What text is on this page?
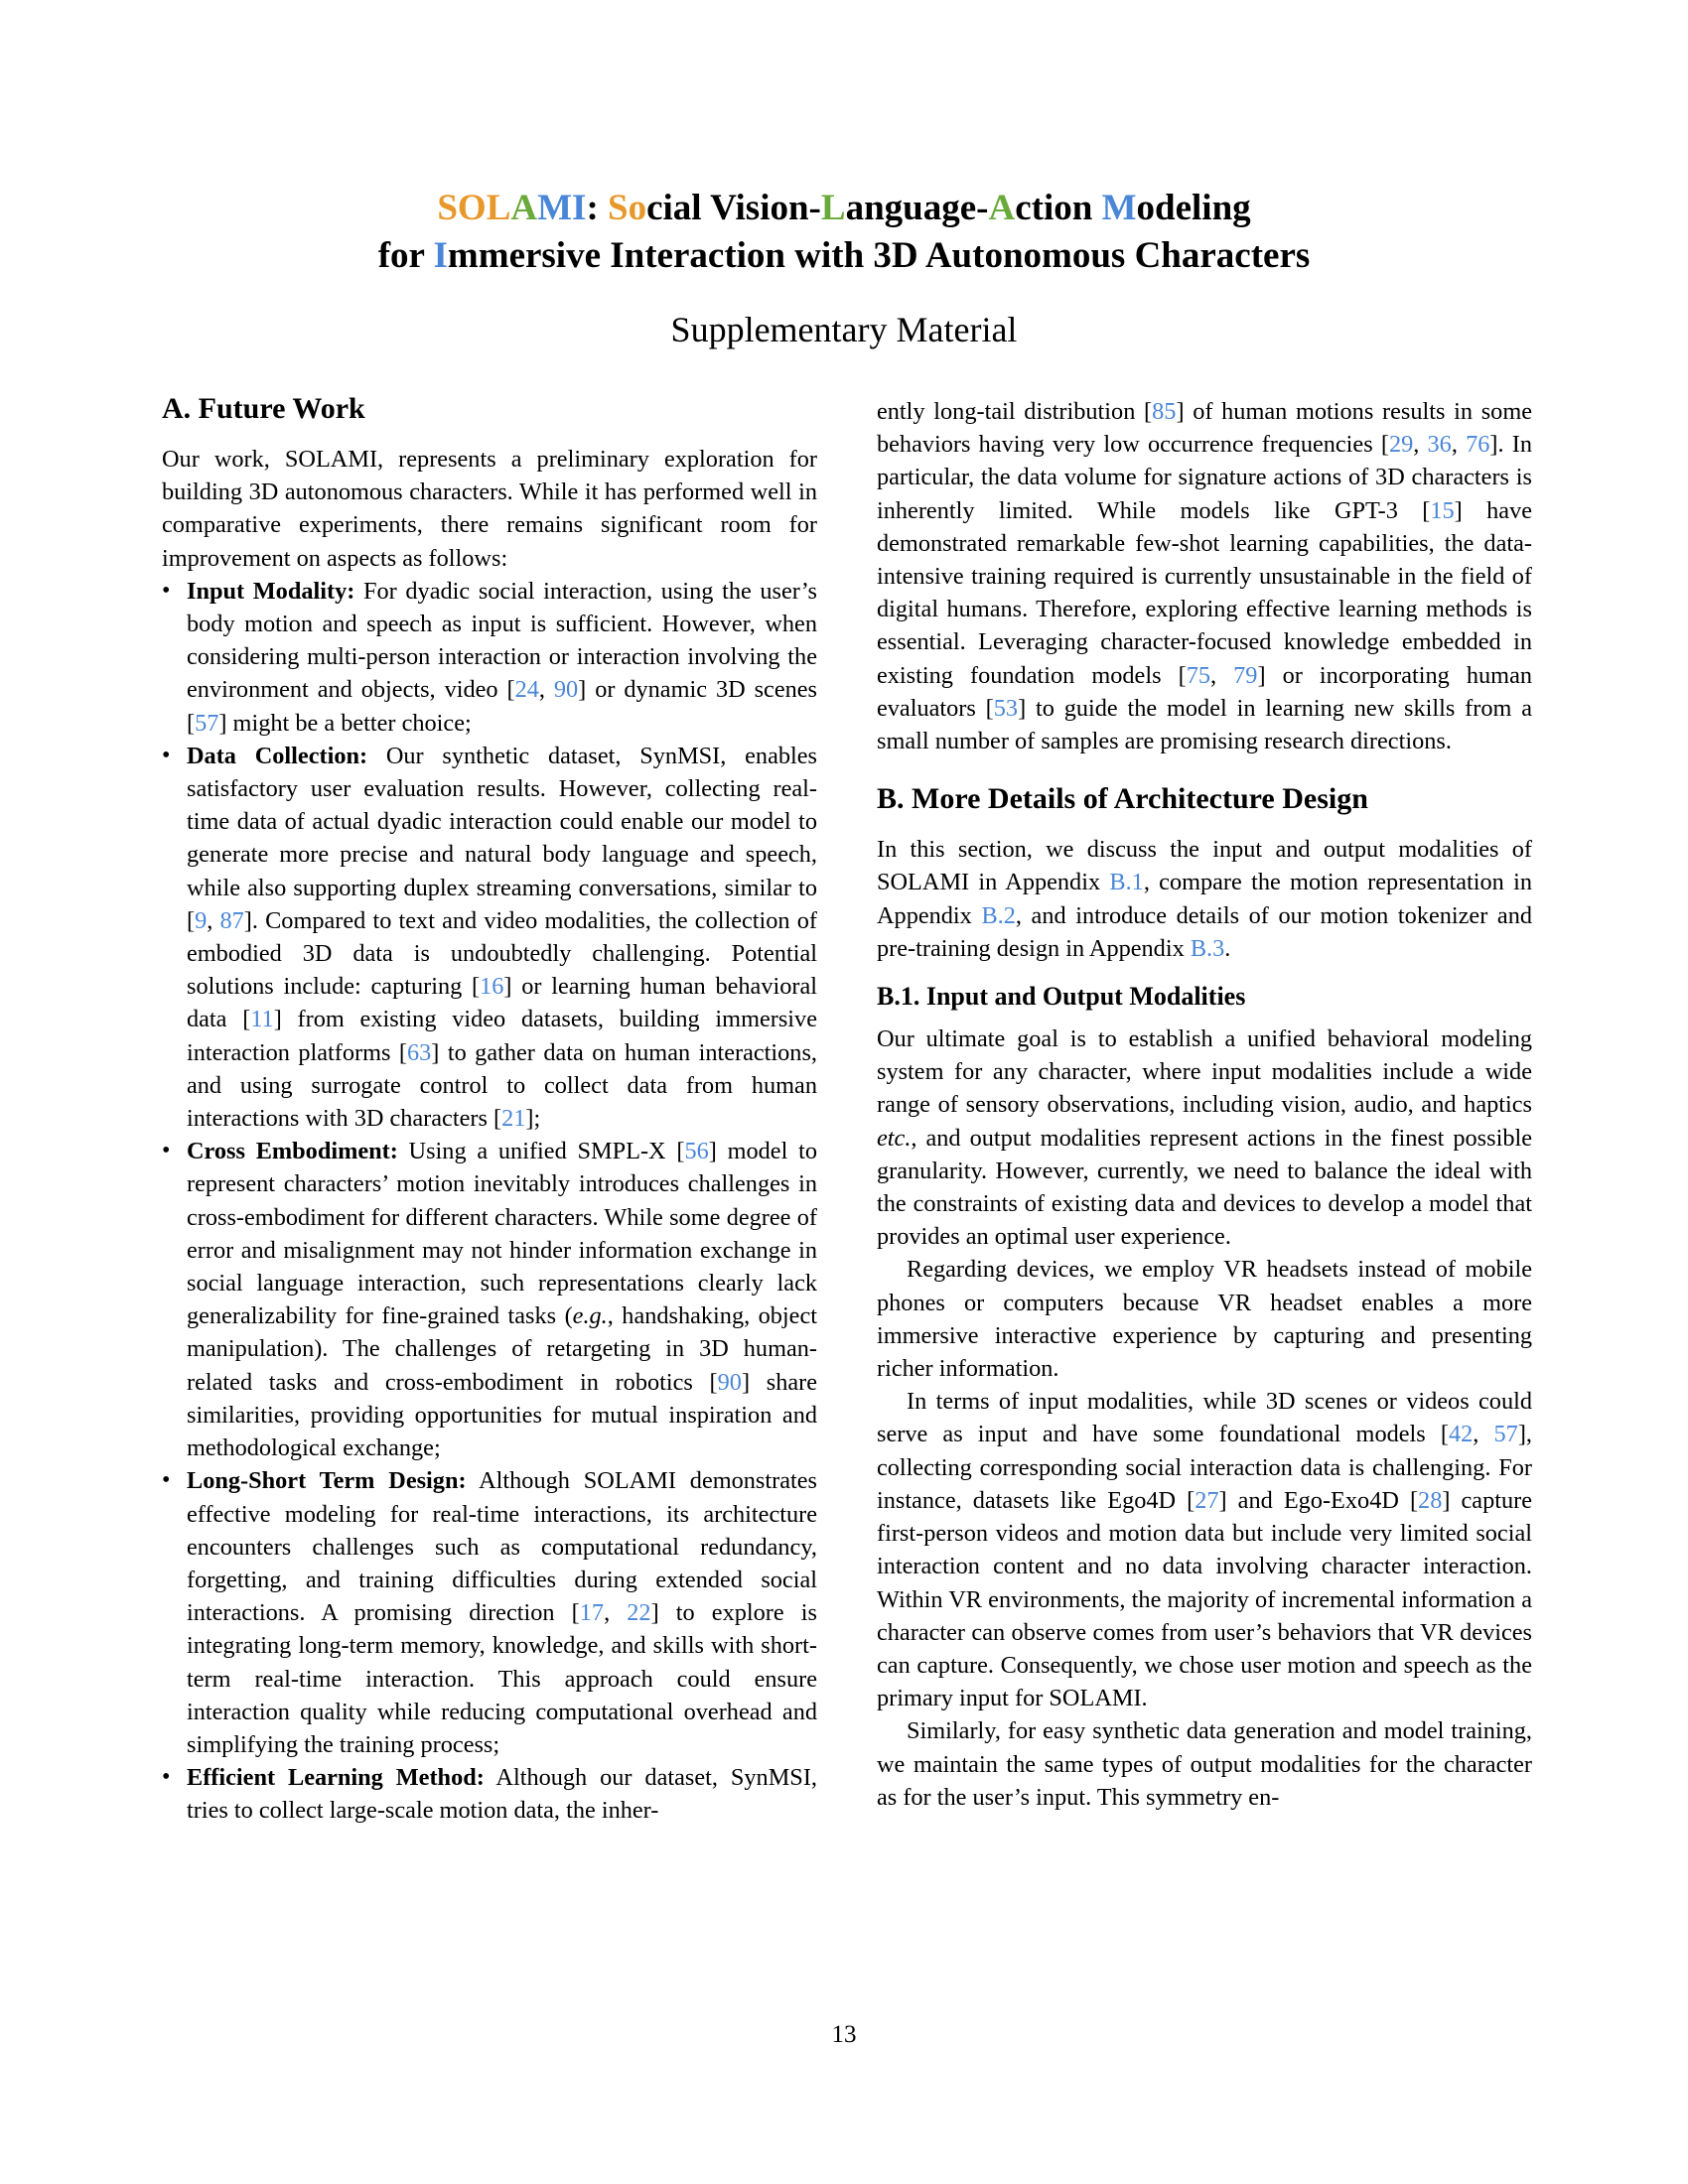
SOLAMI: Social Vision-Language-Action Modeling
for Immersive Interaction with 3D Autonomous Characters
Supplementary Material
A. Future Work

Our work, SOLAMI, represents a preliminary exploration for building 3D autonomous characters. While it has performed well in comparative experiments, there remains significant room for improvement on aspects as follows:

• Input Modality: For dyadic social interaction, using the user’s body motion and speech as input is sufficient. However, when considering multi-person interaction or interaction involving the environment and objects, video [24, 90] or dynamic 3D scenes [57] might be a better choice;
• Data Collection: Our synthetic dataset, SynMSI, enables satisfactory user evaluation results. However, collecting real-time data of actual dyadic interaction could enable our model to generate more precise and natural body language and speech, while also supporting duplex streaming conversations, similar to [9, 87]. Compared to text and video modalities, the collection of embodied 3D data is undoubtedly challenging. Potential solutions include: capturing [16] or learning human behavioral data [11] from existing video datasets, building immersive interaction platforms [63] to gather data on human interactions, and using surrogate control to collect data from human interactions with 3D characters [21];
• Cross Embodiment: Using a unified SMPL-X [56] model to represent characters’ motion inevitably introduces challenges in cross-embodiment for different characters. While some degree of error and misalignment may not hinder information exchange in social language interaction, such representations clearly lack generalizability for fine-grained tasks (e.g., handshaking, object manipulation). The challenges of retargeting in 3D human-related tasks and cross-embodiment in robotics [90] share similarities, providing opportunities for mutual inspiration and methodological exchange;
• Long-Short Term Design: Although SOLAMI demonstrates effective modeling for real-time interactions, its architecture encounters challenges such as computational redundancy, forgetting, and training difficulties during extended social interactions. A promising direction [17, 22] to explore is integrating long-term memory, knowledge, and skills with short-term real-time interaction. This approach could ensure interaction quality while reducing computational overhead and simplifying the training process;
• Efficient Learning Method: Although our dataset, SynMSI, tries to collect large-scale motion data, the inher-

ently long-tail distribution [85] of human motions results in some behaviors having very low occurrence frequencies [29, 36, 76]. In particular, the data volume for signature actions of 3D characters is inherently limited. While models like GPT-3 [15] have demonstrated remarkable few-shot learning capabilities, the data-intensive training required is currently unsustainable in the field of digital humans. Therefore, exploring effective learning methods is essential. Leveraging character-focused knowledge embedded in existing foundation models [75, 79] or incorporating human evaluators [53] to guide the model in learning new skills from a small number of samples are promising research directions.

B. More Details of Architecture Design

In this section, we discuss the input and output modalities of SOLAMI in Appendix B.1, compare the motion representation in Appendix B.2, and introduce details of our motion tokenizer and pre-training design in Appendix B.3.

B.1. Input and Output Modalities

Our ultimate goal is to establish a unified behavioral modeling system for any character, where input modalities include a wide range of sensory observations, including vision, audio, and haptics etc., and output modalities represent actions in the finest possible granularity. However, currently, we need to balance the ideal with the constraints of existing data and devices to develop a model that provides an optimal user experience.

Regarding devices, we employ VR headsets instead of mobile phones or computers because VR headset enables a more immersive interactive experience by capturing and presenting richer information.

In terms of input modalities, while 3D scenes or videos could serve as input and have some foundational models [42, 57], collecting corresponding social interaction data is challenging. For instance, datasets like Ego4D [27] and Ego-Exo4D [28] capture first-person videos and motion data but include very limited social interaction content and no data involving character interaction. Within VR environments, the majority of incremental information a character can observe comes from user’s behaviors that VR devices can capture. Consequently, we chose user motion and speech as the primary input for SOLAMI.

Similarly, for easy synthetic data generation and model training, we maintain the same types of output modalities for the character as for the user’s input. This symmetry en-

13
